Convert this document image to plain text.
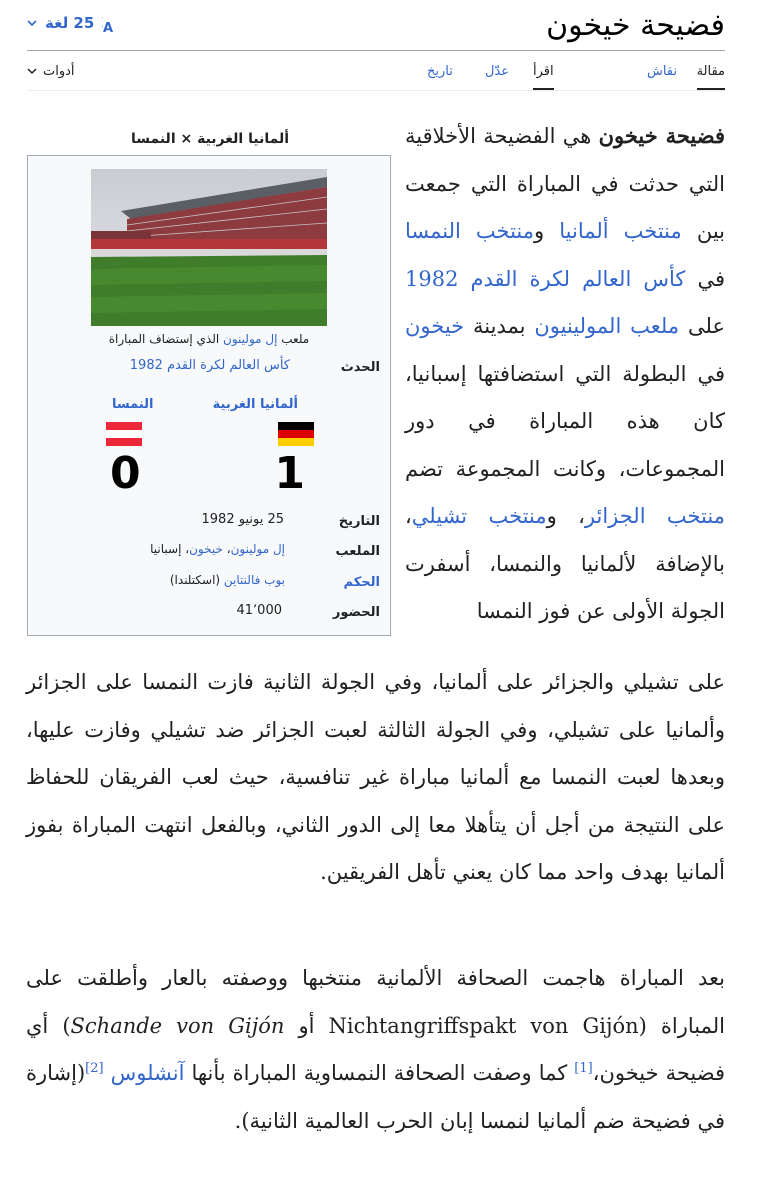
فضيحة خيخون
A
25 لغة
مقالة
نقاش
اقرأ
عدّل
تاريخ
أدوات
ألمانيا الغربية × النمسا
ملعب إل مولينون الذي إستضاف المباراة
الحدث
كأس العالم لكرة القدم 1982
ألمانيا الغربية
النمسا
1
0
التاريخ
25 يونيو 1982
الملعب
إل مولينون، خيخون، إسبانيا
الحكم
بوب فالنتاين (اسكتلندا)
الحضور
41٬000
فضيحة خيخون هي الفضيحة الأخلاقية التي حدثت في المباراة التي جمعت بين منتخب ألمانيا ومنتخب النمسا في كأس العالم لكرة القدم 1982 على ملعب المولينيون بمدينة خيخون في البطولة التي استضافتها إسبانيا، كان هذه المباراة في دور المجموعات، وكانت المجموعة تضم منتخب الجزائر، ومنتخب تشيلي، بالإضافة لألمانيا والنمسا، أسفرت الجولة الأولى عن فوز النمسا
على تشيلي والجزائر على ألمانيا، وفي الجولة الثانية فازت النمسا على الجزائر وألمانيا على تشيلي، وفي الجولة الثالثة لعبت الجزائر ضد تشيلي وفازت عليها، وبعدها لعبت النمسا مع ألمانيا مباراة غير تنافسية، حيث لعب الفريقان للحفاظ على النتيجة من أجل أن يتأهلا معا إلى الدور الثاني، وبالفعل انتهت المباراة بفوز ألمانيا بهدف واحد مما كان يعني تأهل الفريقين.
بعد المباراة هاجمت الصحافة الألمانية منتخبها ووصفته بالعار وأطلقت على المباراة (Nichtangriffspakt von Gijón أو Schande von Gijón) أي فضيحة خيخون،[1] كما وصفت الصحافة النمساوية المباراة بأنها آنشلوس [2](إشارة في فضيحة ضم ألمانيا لنمسا إبان الحرب العالمية الثانية).
